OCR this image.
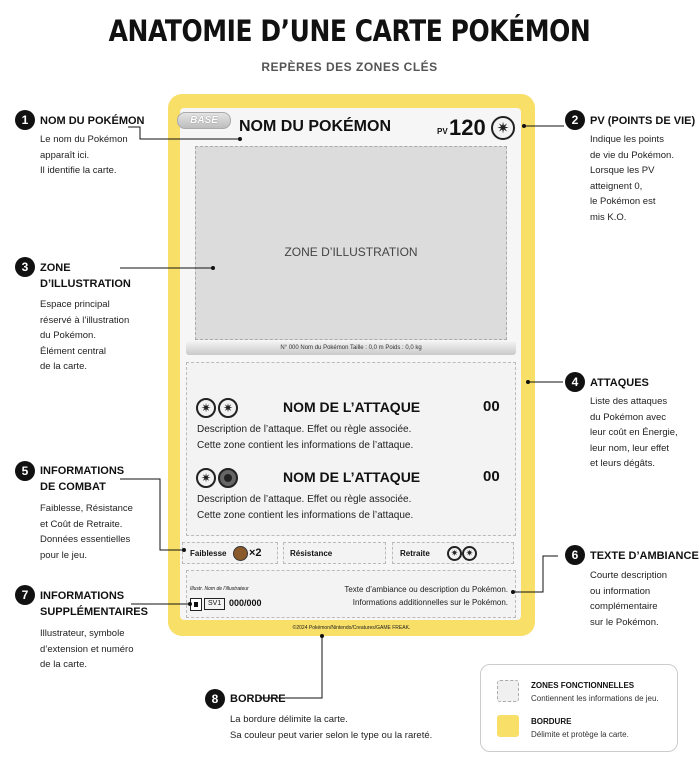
ANATOMIE D’UNE CARTE POKÉMON
REPÈRES DES ZONES CLÉS
BASE	NOM DU POKÉMON	PV 120 ✷
ZONE D’ILLUSTRATION
N° 000 Nom du Pokémon Taille : 0,0 m Poids : 0,0 kg
✷ ✷	NOM DE L’ATTAQUE	00
Description de l’attaque. Effet ou règle associée.
Cette zone contient les informations de l’attaque.
✷	NOM DE L’ATTAQUE	00
Description de l’attaque. Effet ou règle associée.
Cette zone contient les informations de l’attaque.
Faiblesse ×2	Résistance	Retraite	✷ ✷
Illustr. Nom de l’illustrateur
SV1 000/000
Texte d’ambiance ou description du Pokémon.
Informations additionnelles sur le Pokémon.
©2024 Pokémon/Nintendo/Creatures/GAME FREAK.
1	NOM DU POKÉMON
Le nom du Pokémon
apparaît ici.
Il identifie la carte.
2	PV (POINTS DE VIE)
Indique les points
de vie du Pokémon.
Lorsque les PV
atteignent 0,
le Pokémon est
mis K.O.
3	ZONE
D’ILLUSTRATION
Espace principal
réservé à l’illustration
du Pokémon.
Élément central
de la carte.
4	ATTAQUES
Liste des attaques
du Pokémon avec
leur coût en Énergie,
leur nom, leur effet
et leurs dégâts.
5	INFORMATIONS
DE COMBAT
Faiblesse, Résistance
et Coût de Retraite.
Données essentielles
pour le jeu.	6	TEXTE D’AMBIANCE
Courte description
ou information
complémentaire
sur le Pokémon.
7	INFORMATIONS
SUPPLÉMENTAIRES
Illustrateur, symbole
d’extension et numéro
de la carte.
8	BORDURE
La bordure délimite la carte.
Sa couleur peut varier selon le type ou la rareté.
ZONES FONCTIONNELLES
Contiennent les informations de jeu.
BORDURE
Délimite et protège la carte.
